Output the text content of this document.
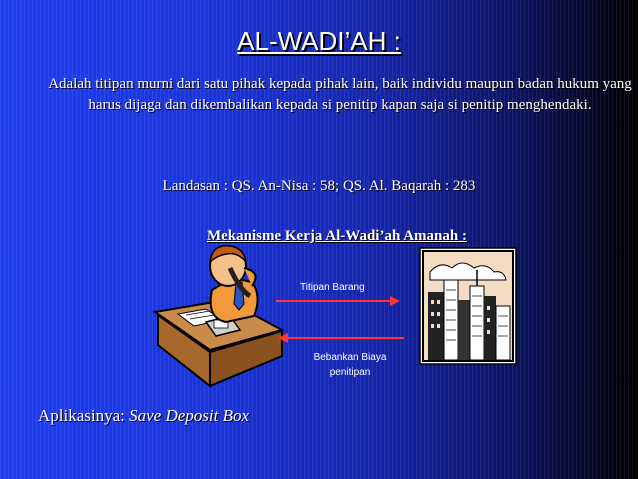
AL-WADI’AH :
Adalah titipan murni dari satu pihak kepada pihak lain, baik individu maupun badan hukum yang harus dijaga dan dikembalikan kepada si penitip kapan saja si penitip menghendaki.
Landasan : QS. An-Nisa : 58; QS. Al. Baqarah : 283
Mekanisme Kerja Al-Wadi’ah Amanah :
Titipan Barang
Bebankan Biaya penitipan
Aplikasinya: Save Deposit Box
